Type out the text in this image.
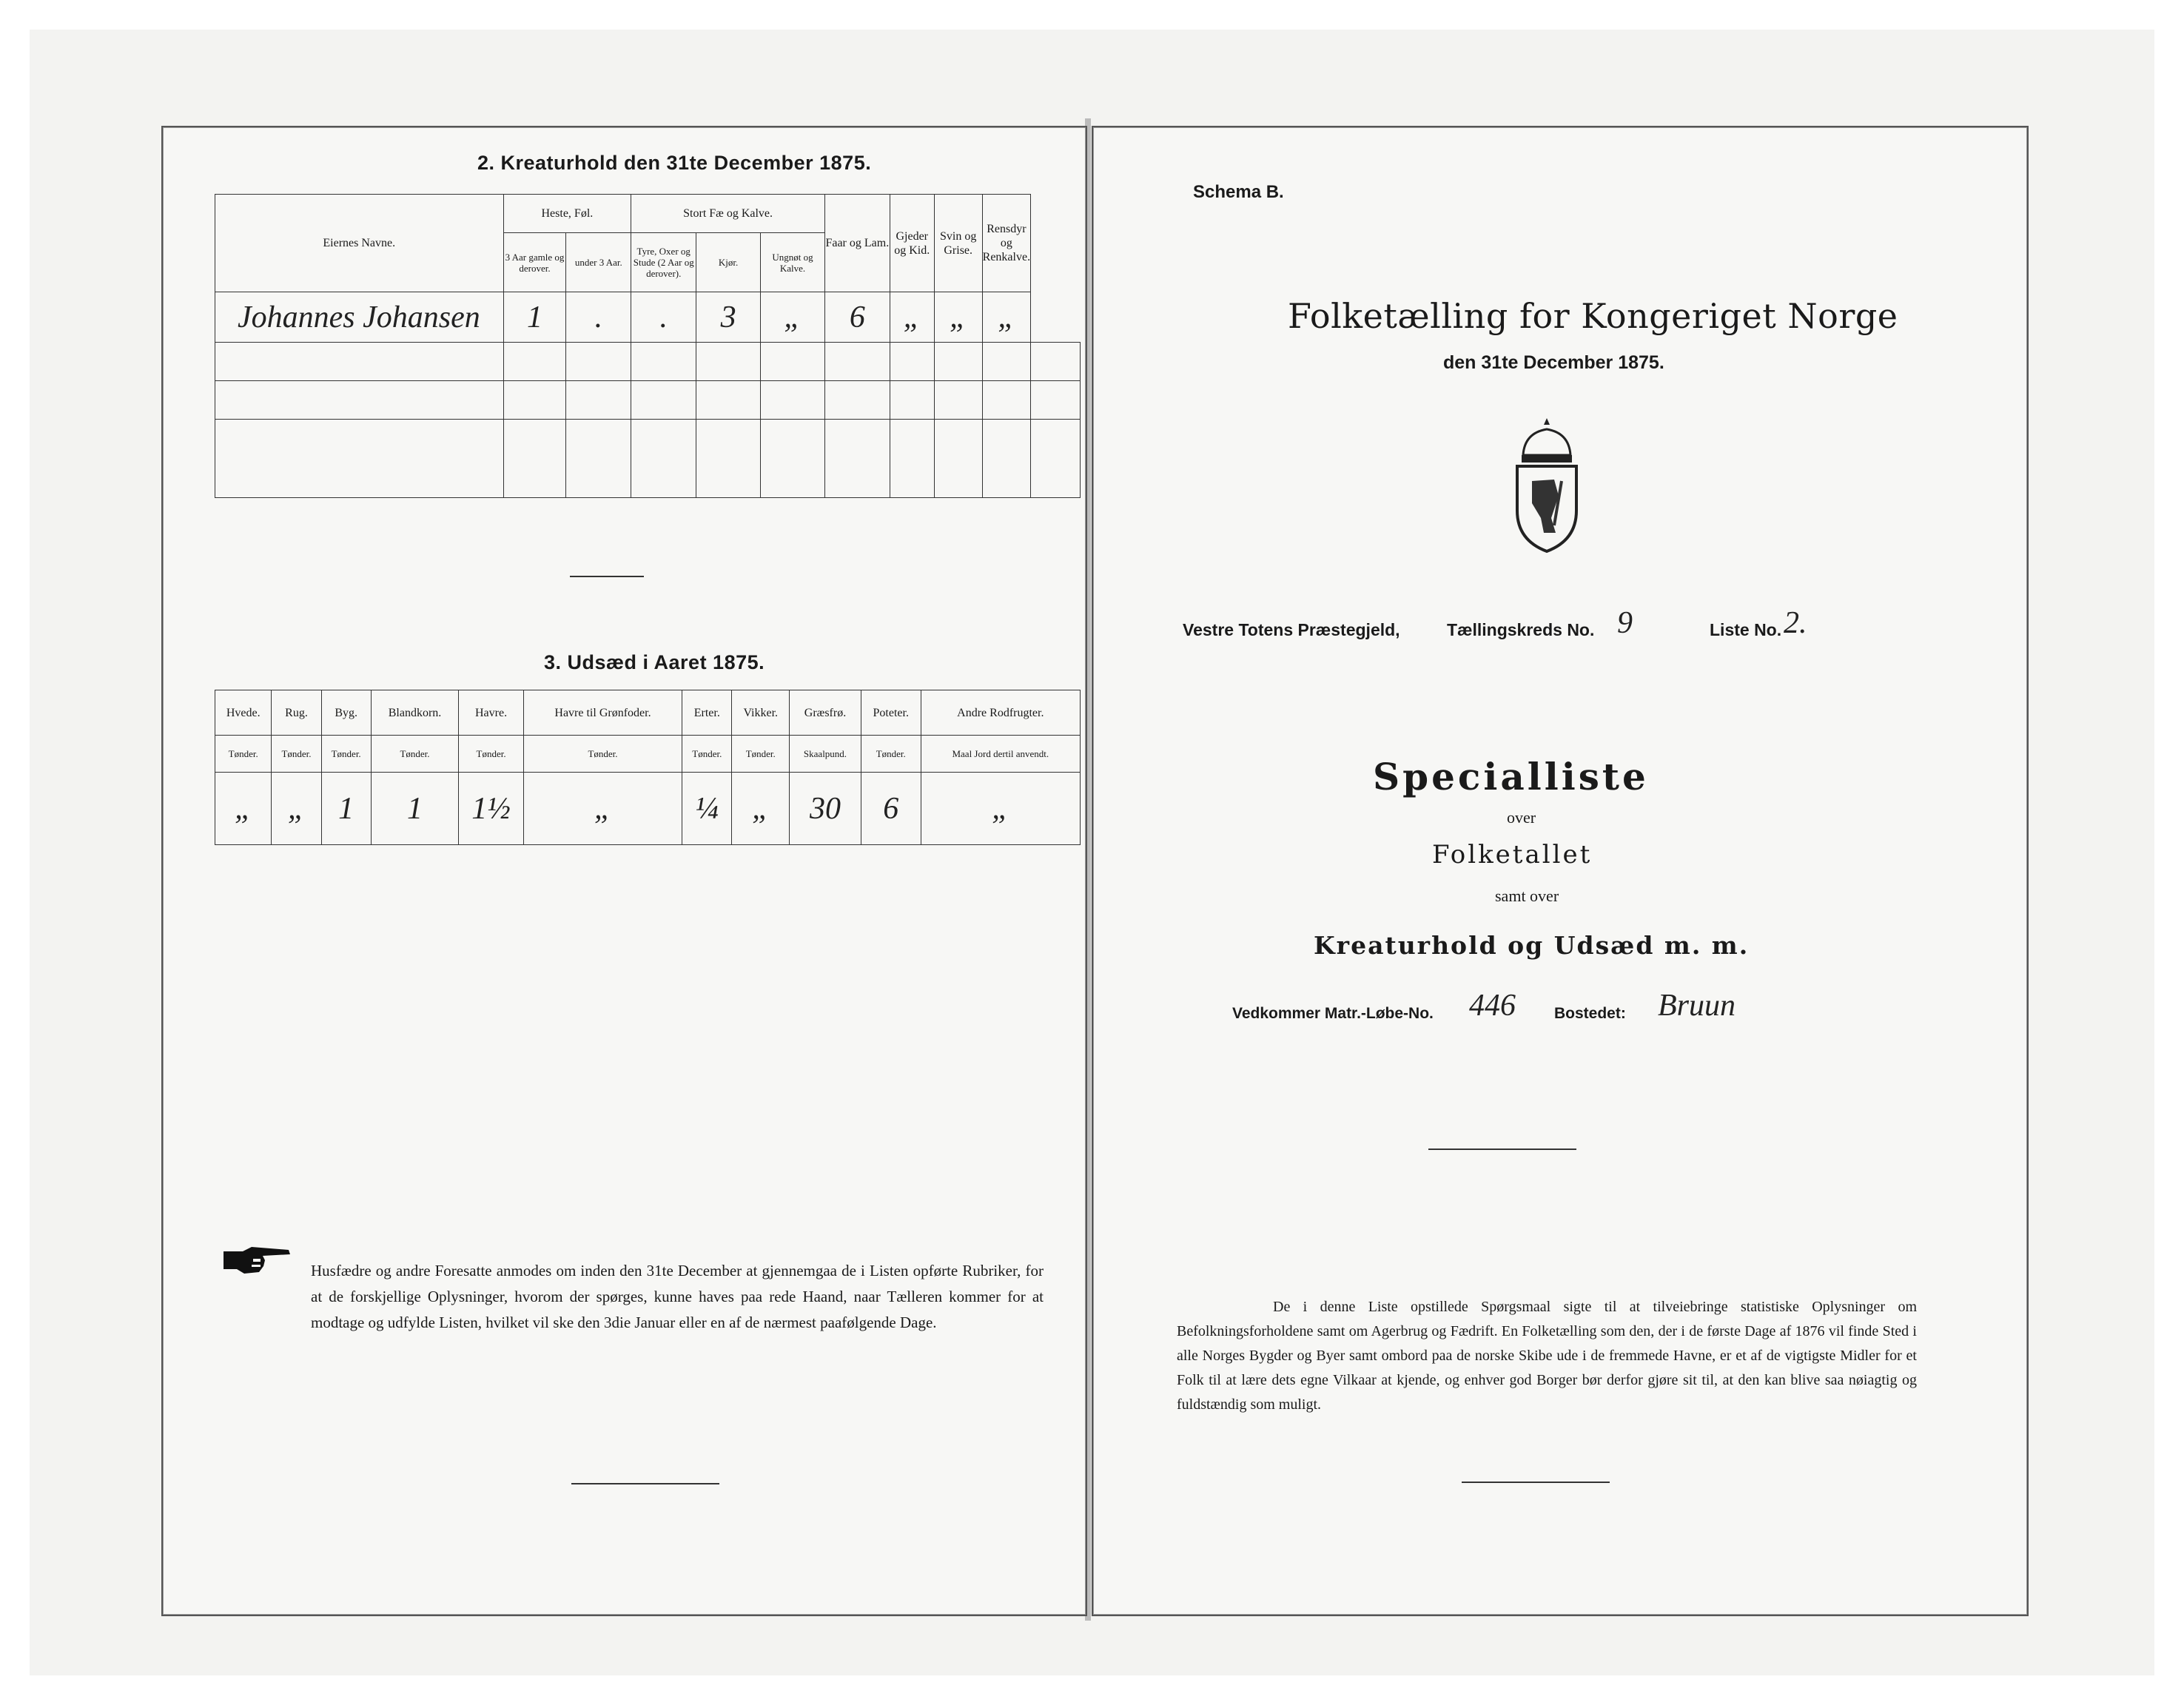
2. Kreaturhold den 31te December 1875.
Eiernes Navne.	Heste, Føl.		Stort Fæ og Kalve.			Faar og Lam.	Gjeder og Kid.	Svin og Grise.	Rensdyr og Renkalve.	
	3 Aar gamle og derover.	under 3 Aar.	Tyre, Oxer og Stude (2 Aar og derover).	Kjør.	Ungnøt og Kalve.					
Johannes Johansen	1	.	.	3	„	6	„	„	„	

3. Udsæd i Aaret 1875.
Hvede.	Rug.	Byg.	Blandkorn.	Havre.	Havre til Grønfoder.	Erter.	Vikker.	Græsfrø.	Poteter.	Andre Rodfrugter.
Tønder.	Tønder.	Tønder.	Tønder.	Tønder.	Tønder.	Tønder.	Tønder.	Skaalpund.	Tønder.	Maal Jord dertil anvendt.
„	„	1	1	1½	„	¼	„	30	6	„
Husfædre og andre Foresatte anmodes om inden den 31te December at gjennemgaa de i Listen opførte Rubriker, for at de forskjellige Oplysninger, hvorom der spørges, kunne haves paa rede Haand, naar Tælleren kommer for at modtage og udfylde Listen, hvilket vil ske den 3die Januar eller en af de nærmest paafølgende Dage.
Schema B.
Folketælling for Kongeriget Norge
den 31te December 1875.
Vestre Totens Præstegjeld,	Tællingskreds No. 9	Liste No. 2.
Specialliste
over
Folketallet
samt over
Kreaturhold og Udsæd m. m.
Vedkommer Matr.-Løbe-No. 446 Bostedet: Bruun
De i denne Liste opstillede Spørgsmaal sigte til at tilveiebringe statistiske Oplysninger om Befolkningsforholdene samt om Agerbrug og Fædrift. En Folketælling som den, der i de første Dage af 1876 vil finde Sted i alle Norges Bygder og Byer samt ombord paa de norske Skibe ude i de fremmede Havne, er et af de vigtigste Midler for et Folk til at lære dets egne Vilkaar at kjende, og enhver god Borger bør derfor gjøre sit til, at den kan blive saa nøiagtig og fuldstændig som muligt.
